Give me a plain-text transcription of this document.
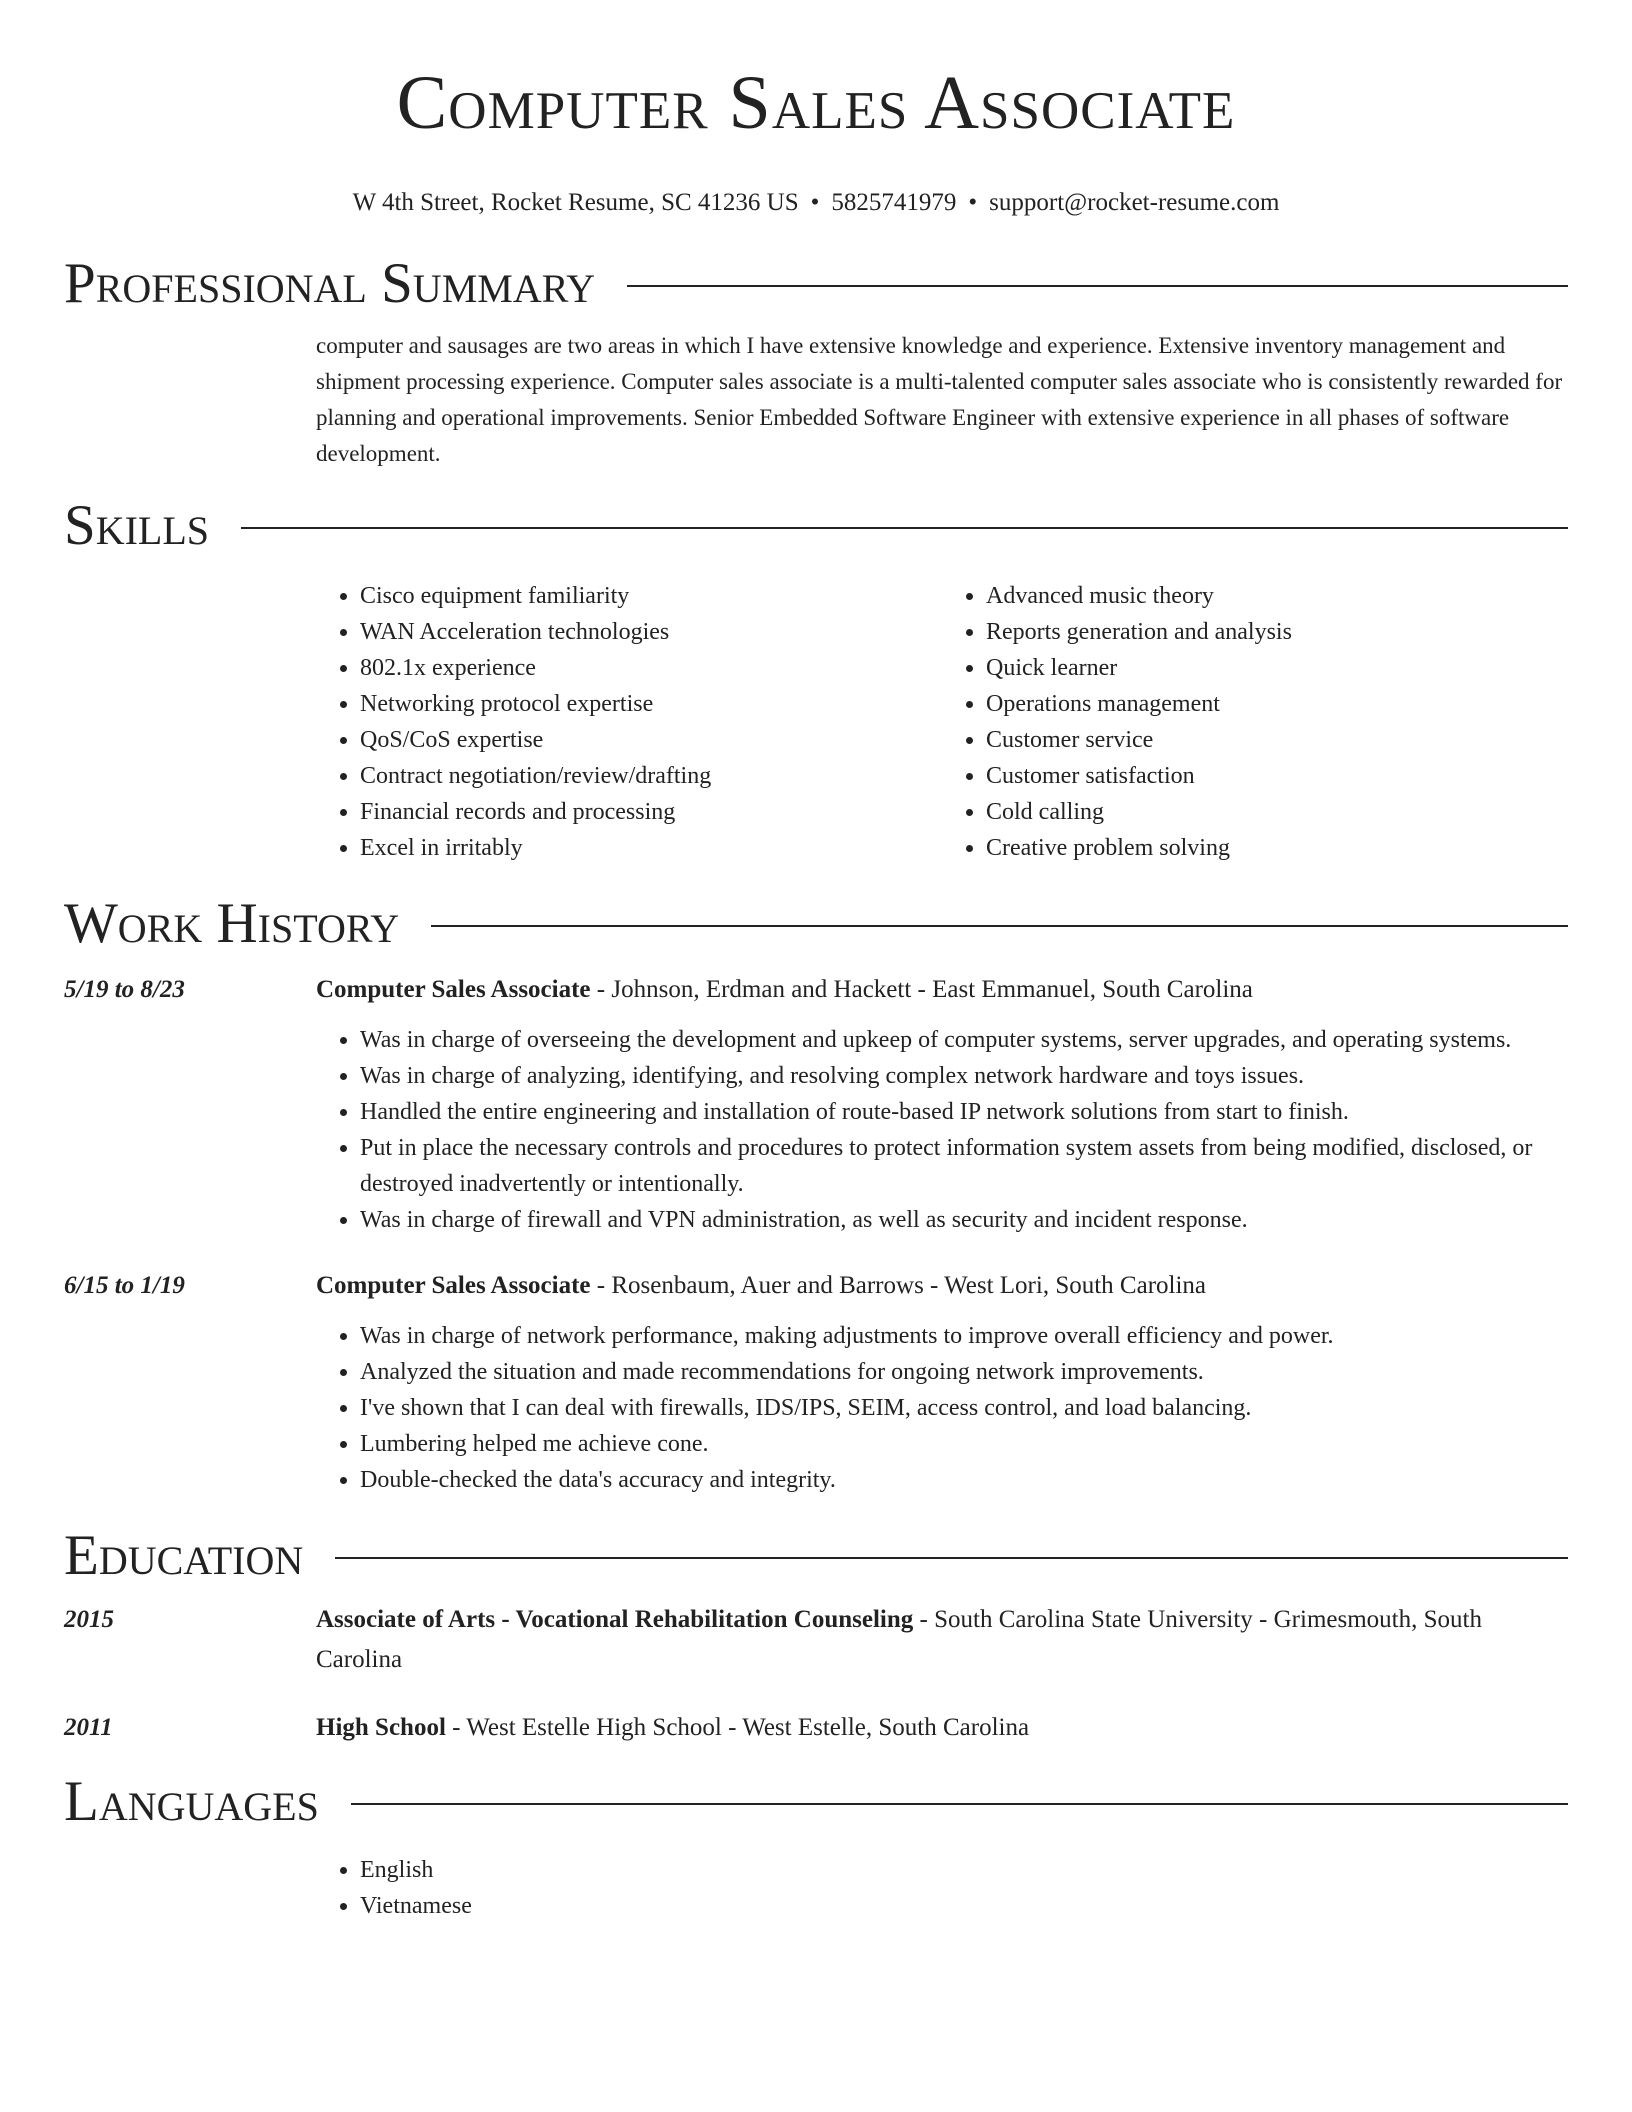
Computer Sales Associate
W 4th Street, Rocket Resume, SC 41236 US • 5825741979 • support@rocket-resume.com
Professional Summary

computer and sausages are two areas in which I have extensive knowledge and experience. Extensive inventory management and shipment processing experience. Computer sales associate is a multi-talented computer sales associate who is consistently rewarded for planning and operational improvements. Senior Embedded Software Engineer with extensive experience in all phases of software development.

Skills
• Cisco equipment familiarity
• WAN Acceleration technologies
• 802.1x experience
• Networking protocol expertise
• QoS/CoS expertise
• Contract negotiation/review/drafting
• Financial records and processing
• Excel in irritably
• Advanced music theory
• Reports generation and analysis
• Quick learner
• Operations management
• Customer service
• Customer satisfaction
• Cold calling
• Creative problem solving
Work History
5/19 to 8/23	Computer Sales Associate - Johnson, Erdman and Hackett - East Emmanuel, South Carolina
• Was in charge of overseeing the development and upkeep of computer systems, server upgrades, and operating systems.
• Was in charge of analyzing, identifying, and resolving complex network hardware and toys issues.
• Handled the entire engineering and installation of route-based IP network solutions from start to finish.
• Put in place the necessary controls and procedures to protect information system assets from being modified, disclosed, or destroyed inadvertently or intentionally.
• Was in charge of firewall and VPN administration, as well as security and incident response.
6/15 to 1/19	Computer Sales Associate - Rosenbaum, Auer and Barrows - West Lori, South Carolina
• Was in charge of network performance, making adjustments to improve overall efficiency and power.
• Analyzed the situation and made recommendations for ongoing network improvements.
• I've shown that I can deal with firewalls, IDS/IPS, SEIM, access control, and load balancing.
• Lumbering helped me achieve cone.
• Double-checked the data's accuracy and integrity.
Education
2015	Associate of Arts - Vocational Rehabilitation Counseling - South Carolina State University - Grimesmouth, South Carolina
2011	High School - West Estelle High School - West Estelle, South Carolina
Languages
• English
• Vietnamese
